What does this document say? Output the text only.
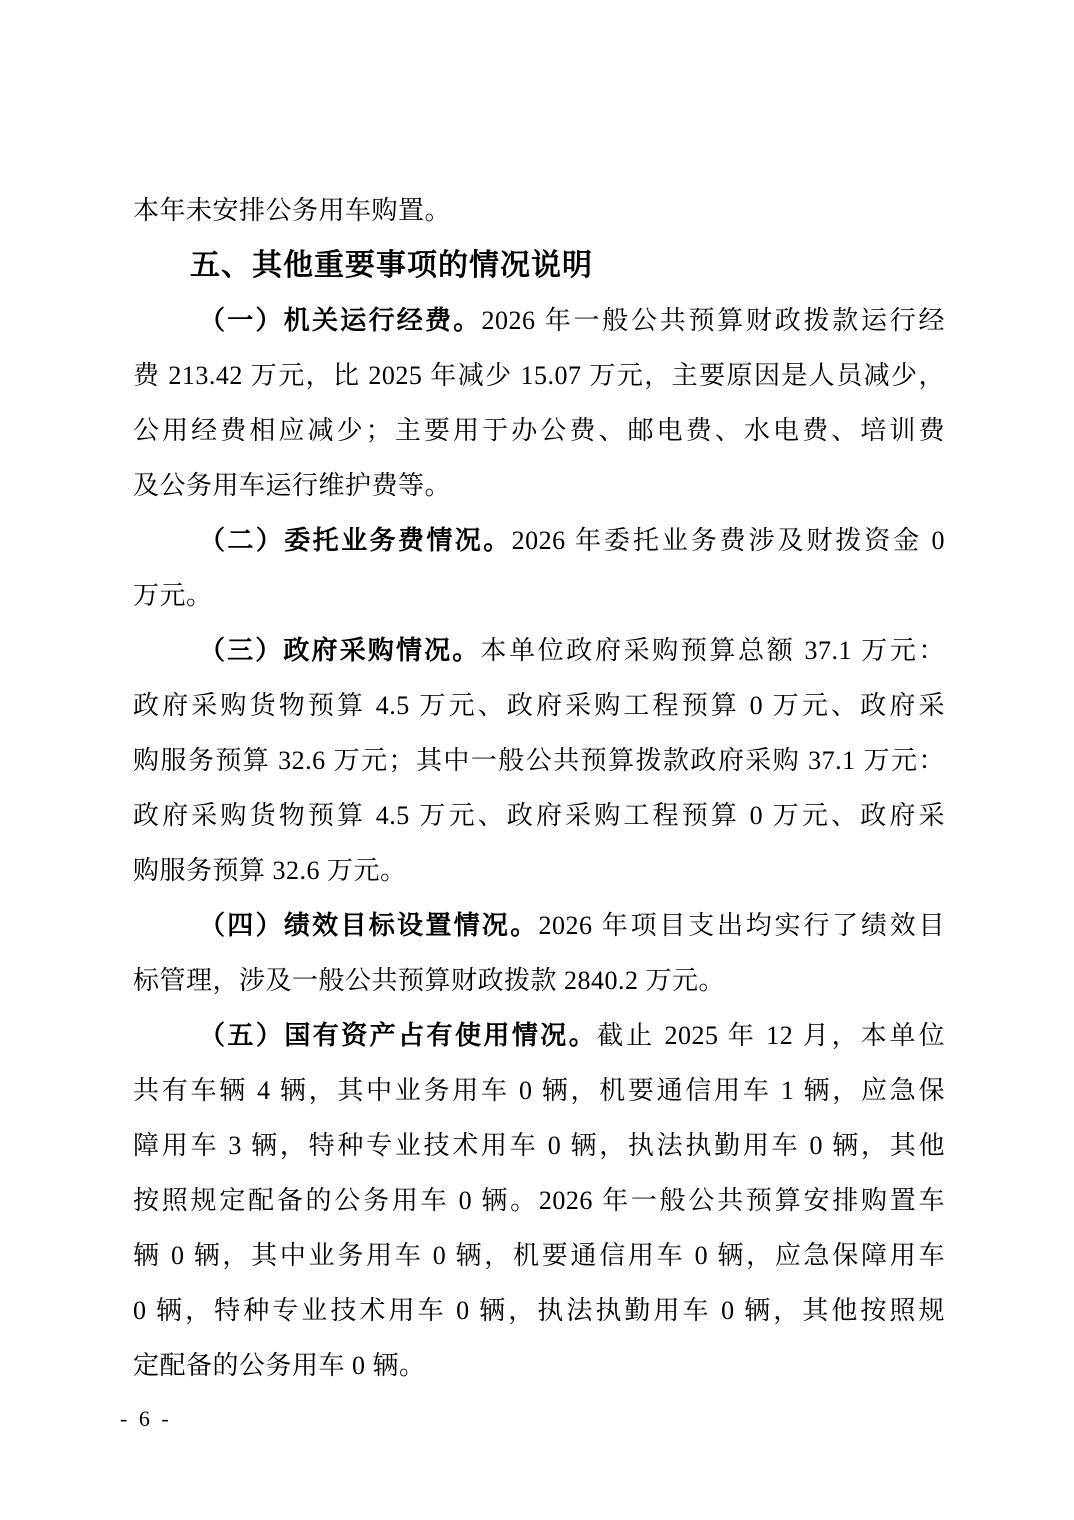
本年未安排公务用车购置。
五、其他重要事项的情况说明
（一）机关运行经费。2026 年一般公共预算财政拨款运行经
费 213.42 万元，比 2025 年减少 15.07 万元，主要原因是人员减少，
公用经费相应减少；主要用于办公费、邮电费、水电费、培训费
及公务用车运行维护费等。
（二）委托业务费情况。2026 年委托业务费涉及财拨资金 0
万元。
（三）政府采购情况。本单位政府采购预算总额 37.1 万元：
政府采购货物预算 4.5 万元、政府采购工程预算 0 万元、政府采
购服务预算 32.6 万元；其中一般公共预算拨款政府采购 37.1 万元：
政府采购货物预算 4.5 万元、政府采购工程预算 0 万元、政府采
购服务预算 32.6 万元。
（四）绩效目标设置情况。2026 年项目支出均实行了绩效目
标管理，涉及一般公共预算财政拨款 2840.2 万元。
（五）国有资产占有使用情况。截止 2025 年 12 月，本单位
共有车辆 4 辆，其中业务用车 0 辆，机要通信用车 1 辆，应急保
障用车 3 辆，特种专业技术用车 0 辆，执法执勤用车 0 辆，其他
按照规定配备的公务用车 0 辆。2026 年一般公共预算安排购置车
辆 0 辆，其中业务用车 0 辆，机要通信用车 0 辆，应急保障用车
0 辆，特种专业技术用车 0 辆，执法执勤用车 0 辆，其他按照规
定配备的公务用车 0 辆。
- 6 -
